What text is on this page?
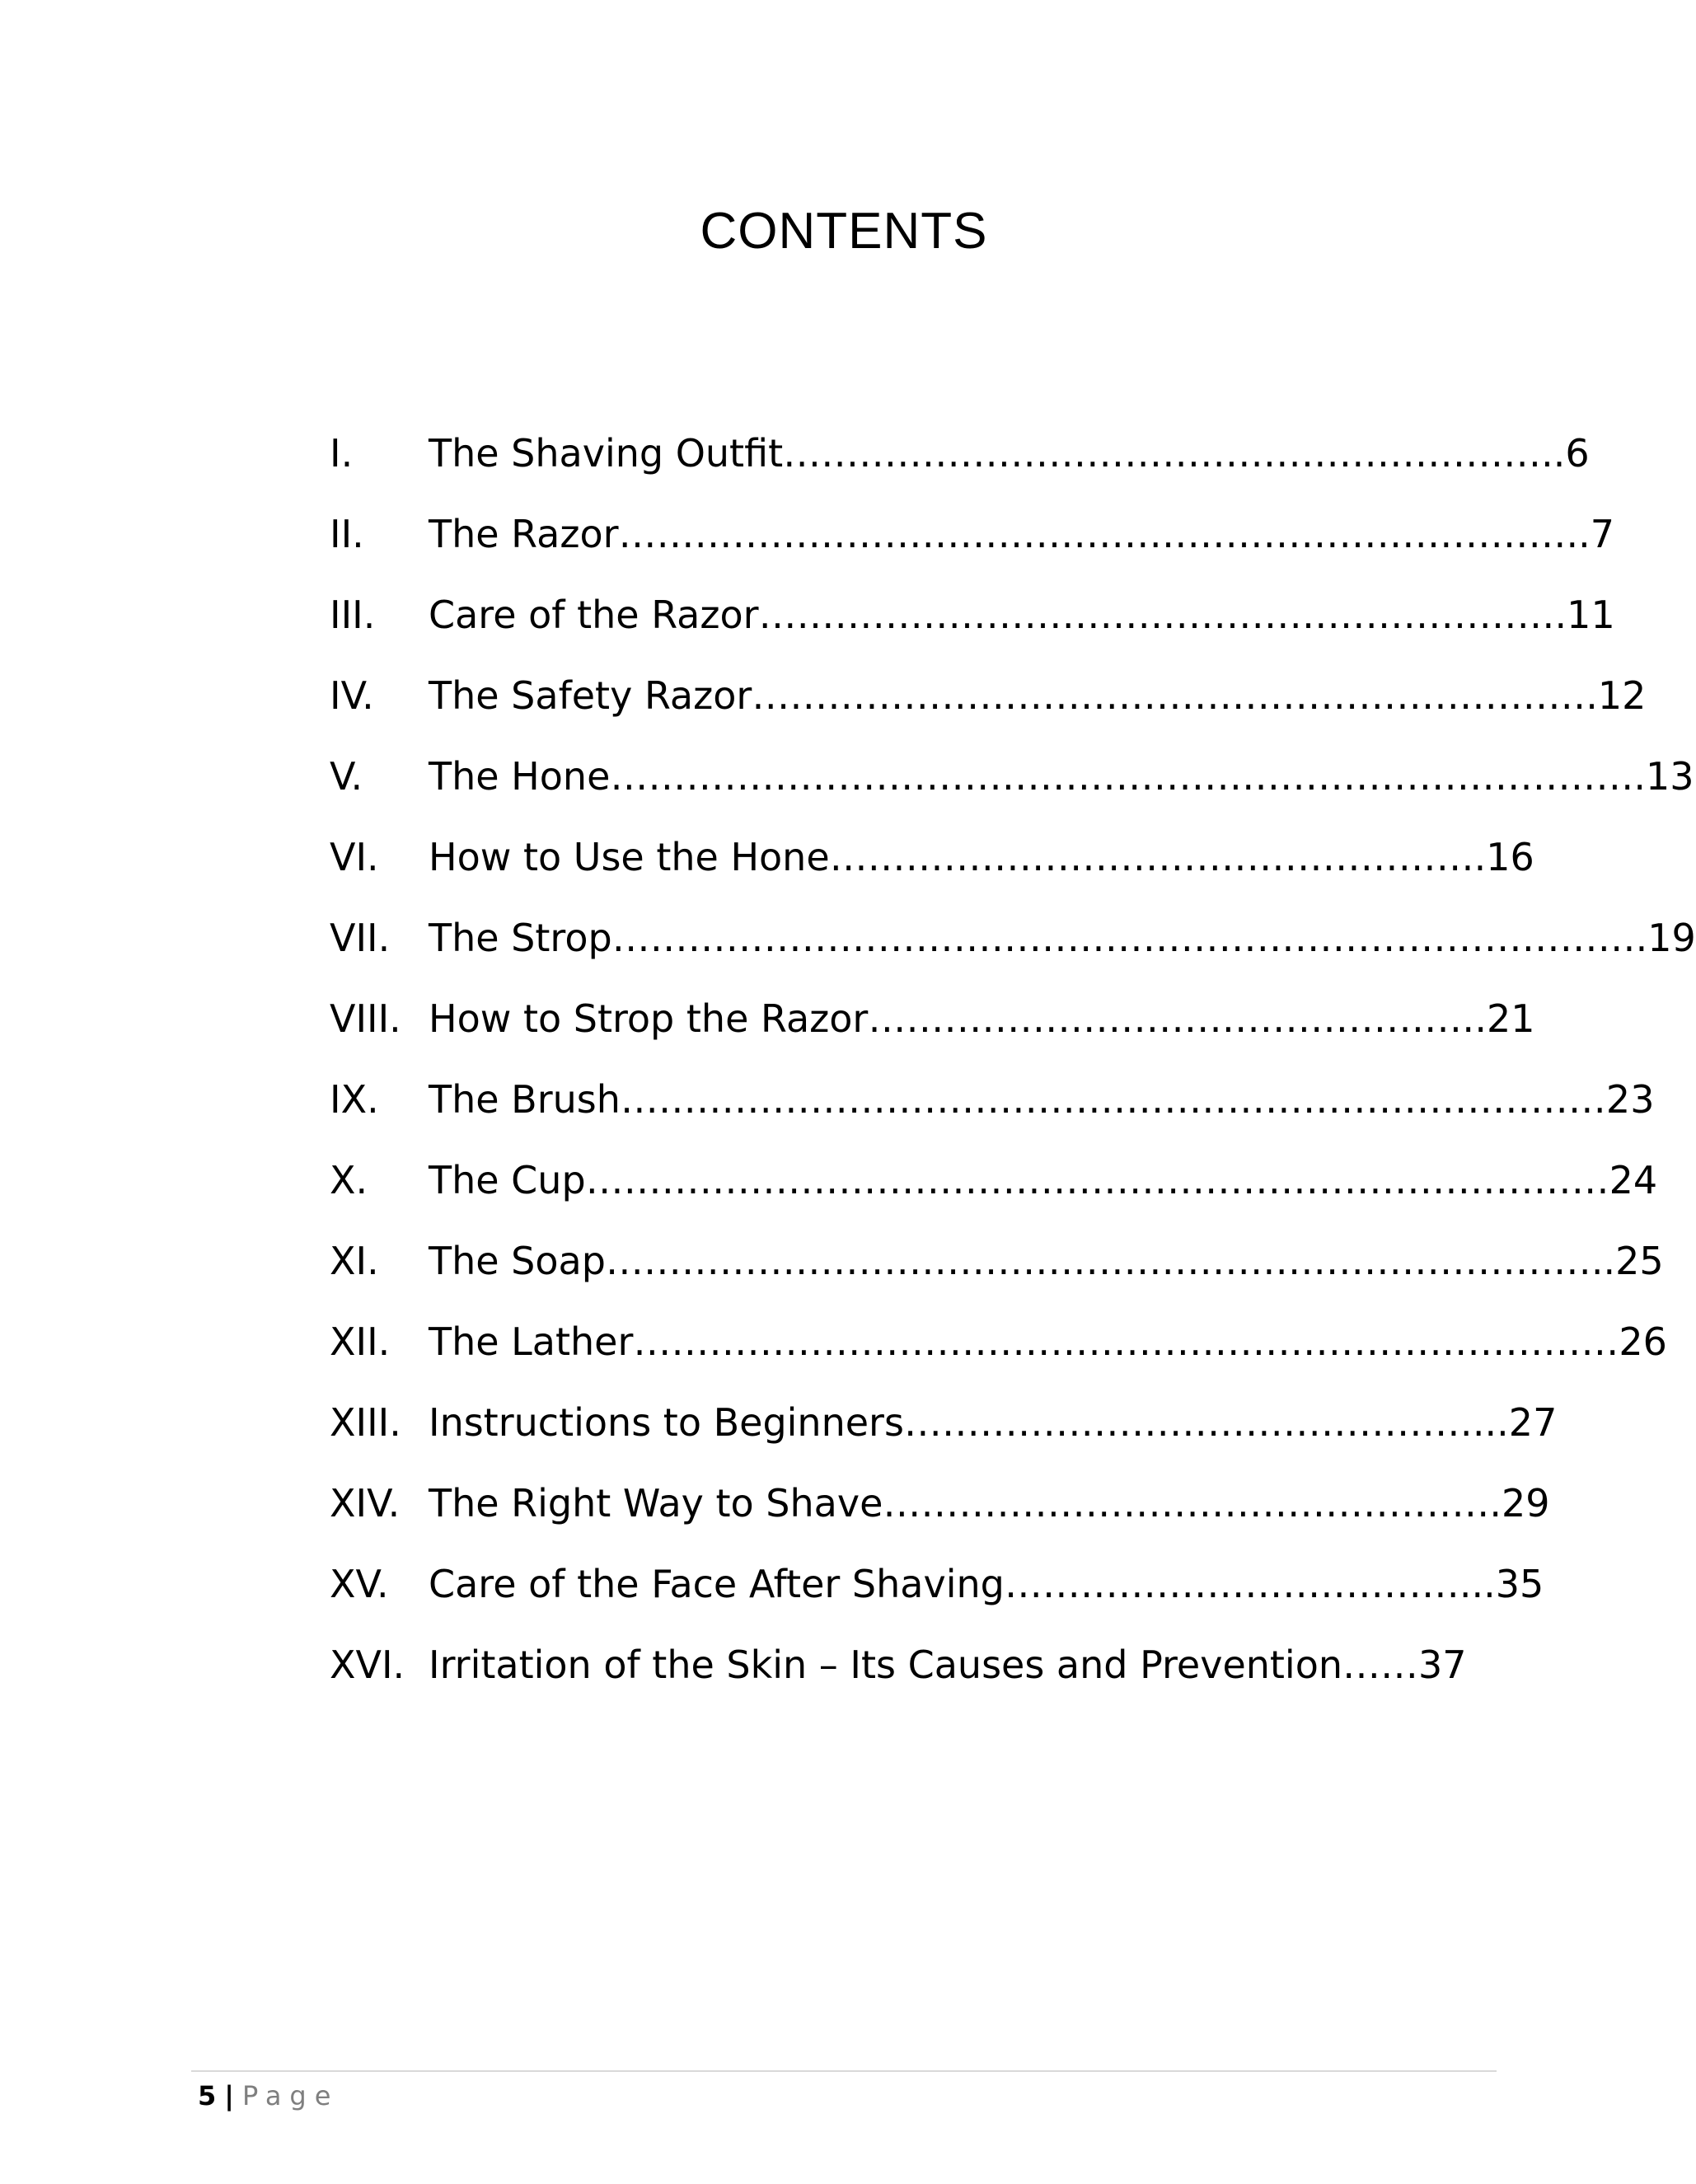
CONTENTS
I. The Shaving Outfit……………………………………………………..6
II. The Razor…………………………………………………………………..7
III. Care of the Razor……………………………………………………….11
IV. The Safety Razor………………………………………………………….12
V. The Hone……………………………………………………………………….13
VI. How to Use the Hone…………………………………………….16
VII. The Strop……………………………………………………………………….19
VIII. How to Strop the Razor………………………………………….21
IX. The Brush……………………………………………………………………23
X. The Cup………………………………………………………………………24
XI. The Soap……………………………………………………………………..25
XII. The Lather……………………………………………………………………26
XIII. Instructions to Beginners………………………………………...27
XIV. The Right Way to Shave………………………………………….29
XV. Care of the Face After Shaving………………………………...35
XVI. Irritation of the Skin – Its Causes and Prevention……37
5 | Page
